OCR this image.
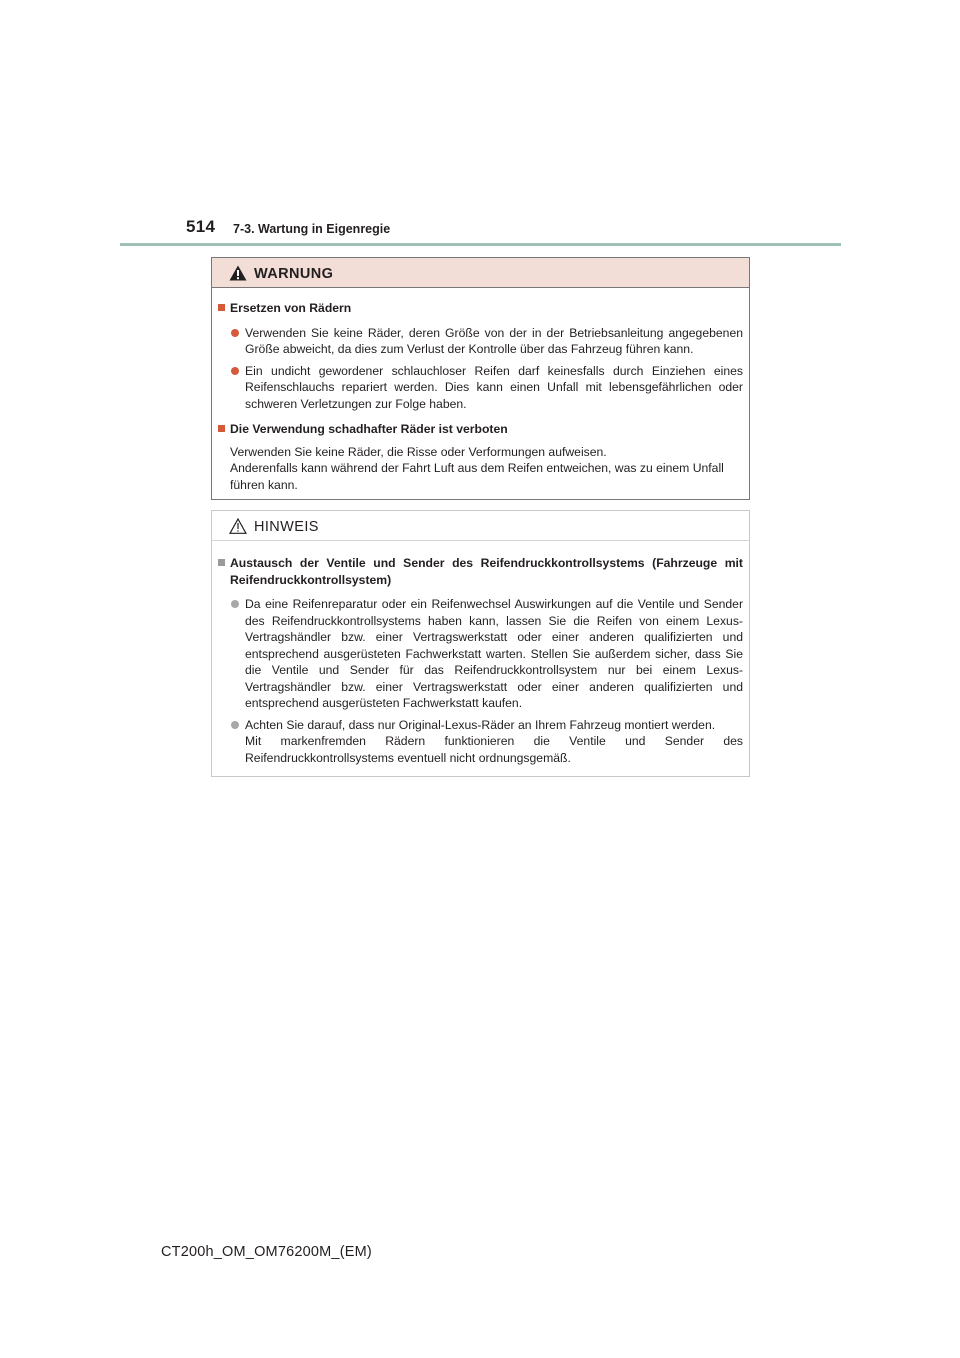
514 7-3. Wartung in Eigenregie
WARNUNG
Ersetzen von Rädern
Verwenden Sie keine Räder, deren Größe von der in der Betriebsanleitung angegebenen Größe abweicht, da dies zum Verlust der Kontrolle über das Fahrzeug führen kann.
Ein undicht gewordener schlauchloser Reifen darf keinesfalls durch Einziehen eines Reifenschlauchs repariert werden. Dies kann einen Unfall mit lebensgefährlichen oder schweren Verletzungen zur Folge haben.
Die Verwendung schadhafter Räder ist verboten
Verwenden Sie keine Räder, die Risse oder Verformungen aufweisen.
Anderenfalls kann während der Fahrt Luft aus dem Reifen entweichen, was zu einem Unfall führen kann.
HINWEIS
Austausch der Ventile und Sender des Reifendruckkontrollsystems (Fahrzeuge mit Reifendruckkontrollsystem)
Da eine Reifenreparatur oder ein Reifenwechsel Auswirkungen auf die Ventile und Sender des Reifendruckkontrollsystems haben kann, lassen Sie die Reifen von einem Lexus-Vertragshändler bzw. einer Vertragswerkstatt oder einer anderen qualifizierten und entsprechend ausgerüsteten Fachwerkstatt warten. Stellen Sie außerdem sicher, dass Sie die Ventile und Sender für das Reifendruckkontrollsystem nur bei einem Lexus-Vertragshändler bzw. einer Vertragswerkstatt oder einer anderen qualifizierten und entsprechend ausgerüsteten Fachwerkstatt kaufen.
Achten Sie darauf, dass nur Original-Lexus-Räder an Ihrem Fahrzeug montiert werden.
Mit markenfremden Rädern funktionieren die Ventile und Sender des Reifendruckkontrollsystems eventuell nicht ordnungsgemäß.
CT200h_OM_OM76200M_(EM)
